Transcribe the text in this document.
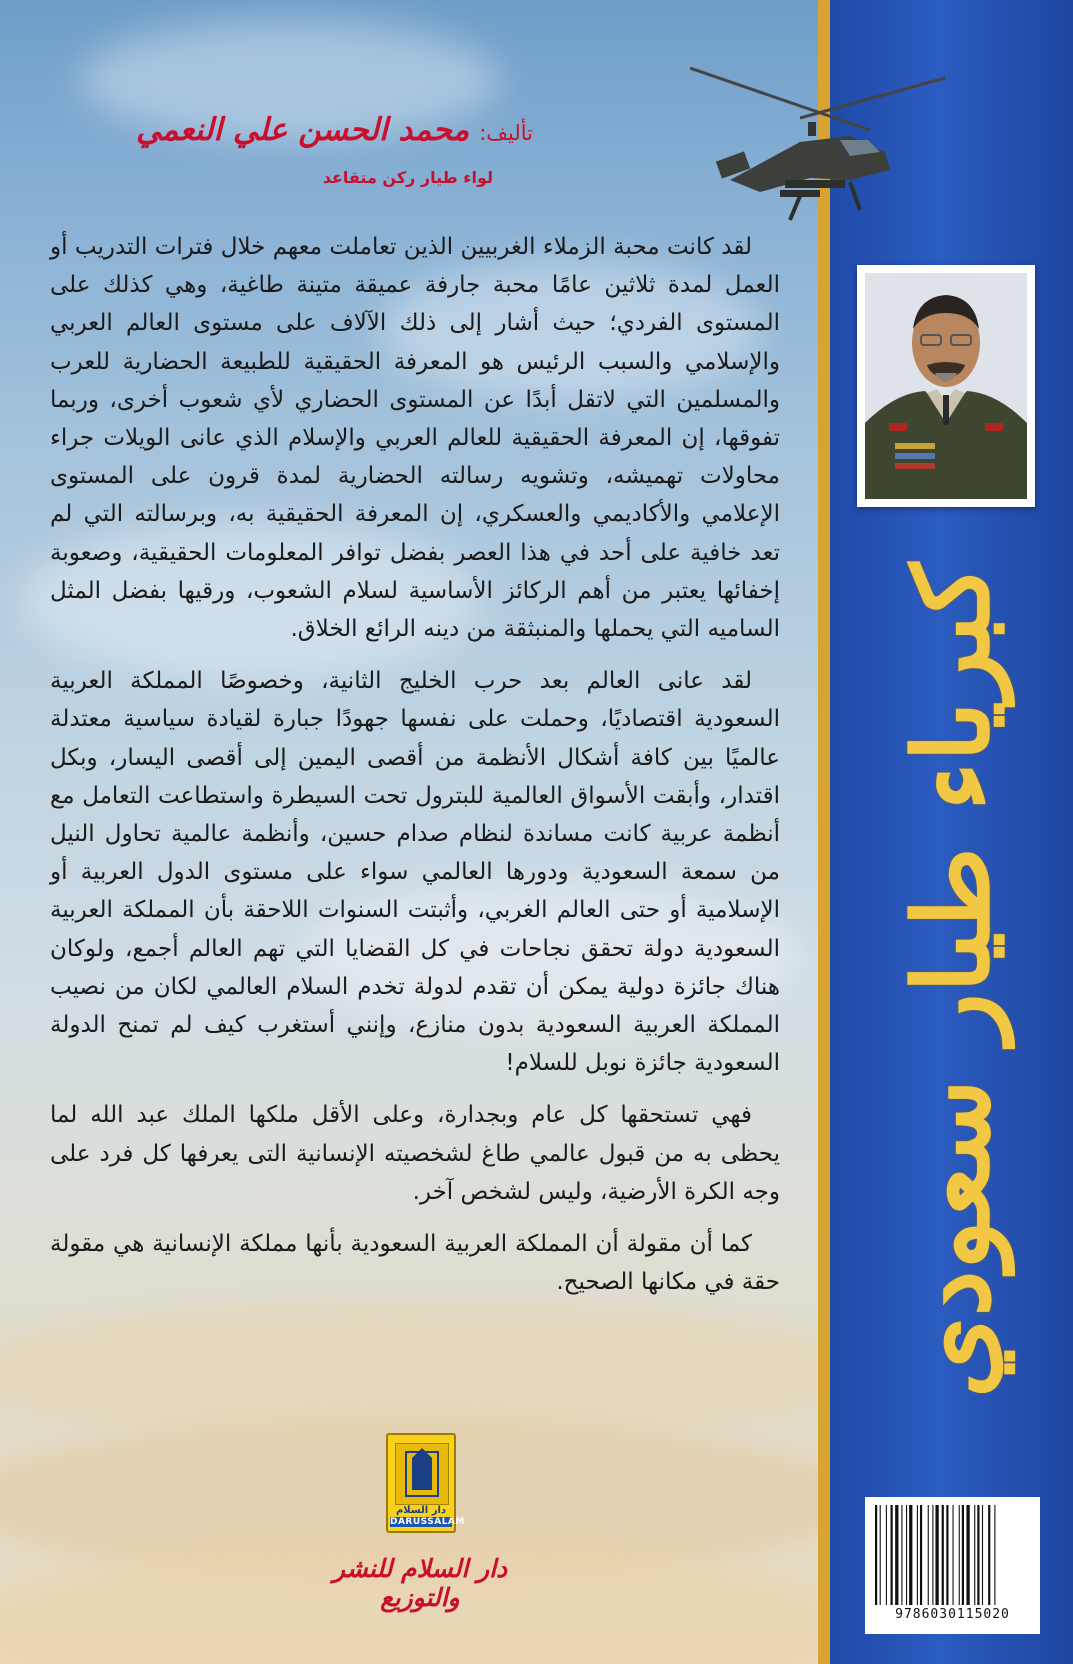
تأليف:
محمد الحسن علي النعمي
لواء طيار ركن متقاعد

لقد كانت محبة الزملاء الغربيين الذين تعاملت معهم خلال فترات التدريب أو العمل لمدة ثلاثين عامًا محبة جارفة عميقة متينة طاغية، وهي كذلك على المستوى الفردي؛ حيث أشار إلى ذلك الآلاف على مستوى العالم العربي والإسلامي والسبب الرئيس هو المعرفة الحقيقية للطبيعة الحضارية للعرب والمسلمين التي لاتقل أبدًا عن المستوى الحضاري لأي شعوب أخرى، وربما تفوقها، إن المعرفة الحقيقية للعالم العربي والإسلام الذي عانى الويلات جراء محاولات تهميشه، وتشويه رسالته الحضارية لمدة قرون على المستوى الإعلامي والأكاديمي والعسكري، إن المعرفة الحقيقية به، وبرسالته التي لم تعد خافية على أحد في هذا العصر بفضل توافر المعلومات الحقيقية، وصعوبة إخفائها يعتبر من أهم الركائز الأساسية لسلام الشعوب، ورقيها بفضل المثل الساميه التي يحملها والمنبثقة من دينه الرائع الخلاق.

لقد عانى العالم بعد حرب الخليج الثانية، وخصوصًا المملكة العربية السعودية اقتصاديًا، وحملت على نفسها جهودًا جبارة لقيادة سياسية معتدلة عالميًا بين كافة أشكال الأنظمة من أقصى اليمين إلى أقصى اليسار، وبكل اقتدار، وأبقت الأسواق العالمية للبترول تحت السيطرة واستطاعت التعامل مع أنظمة عربية كانت مساندة لنظام صدام حسين، وأنظمة عالمية تحاول النيل من سمعة السعودية ودورها العالمي سواء على مستوى الدول العربية أو الإسلامية أو حتى العالم الغربي، وأثبتت السنوات اللاحقة بأن المملكة العربية السعودية دولة تحقق نجاحات في كل القضايا التي تهم العالم أجمع، ولوكان هناك جائزة دولية يمكن أن تقدم لدولة تخدم السلام العالمي لكان من نصيب المملكة العربية السعودية بدون منازع، وإنني أستغرب كيف لم تمنح الدولة السعودية جائزة نوبل للسلام!

فهي تستحقها كل عام وبجدارة، وعلى الأقل ملكها الملك عبد الله لما يحظى به من قبول عالمي طاغ لشخصيته الإنسانية التى يعرفها كل فرد على وجه الكرة الأرضية، وليس لشخص آخر.

كما أن مقولة أن المملكة العربية السعودية بأنها مملكة الإنسانية هي مقولة حقة في مكانها الصحيح. كبرياء طيار سعودي
دار السلام
DARUSSALAM
دار السلام للنشر والتوزيع
9786030115020
